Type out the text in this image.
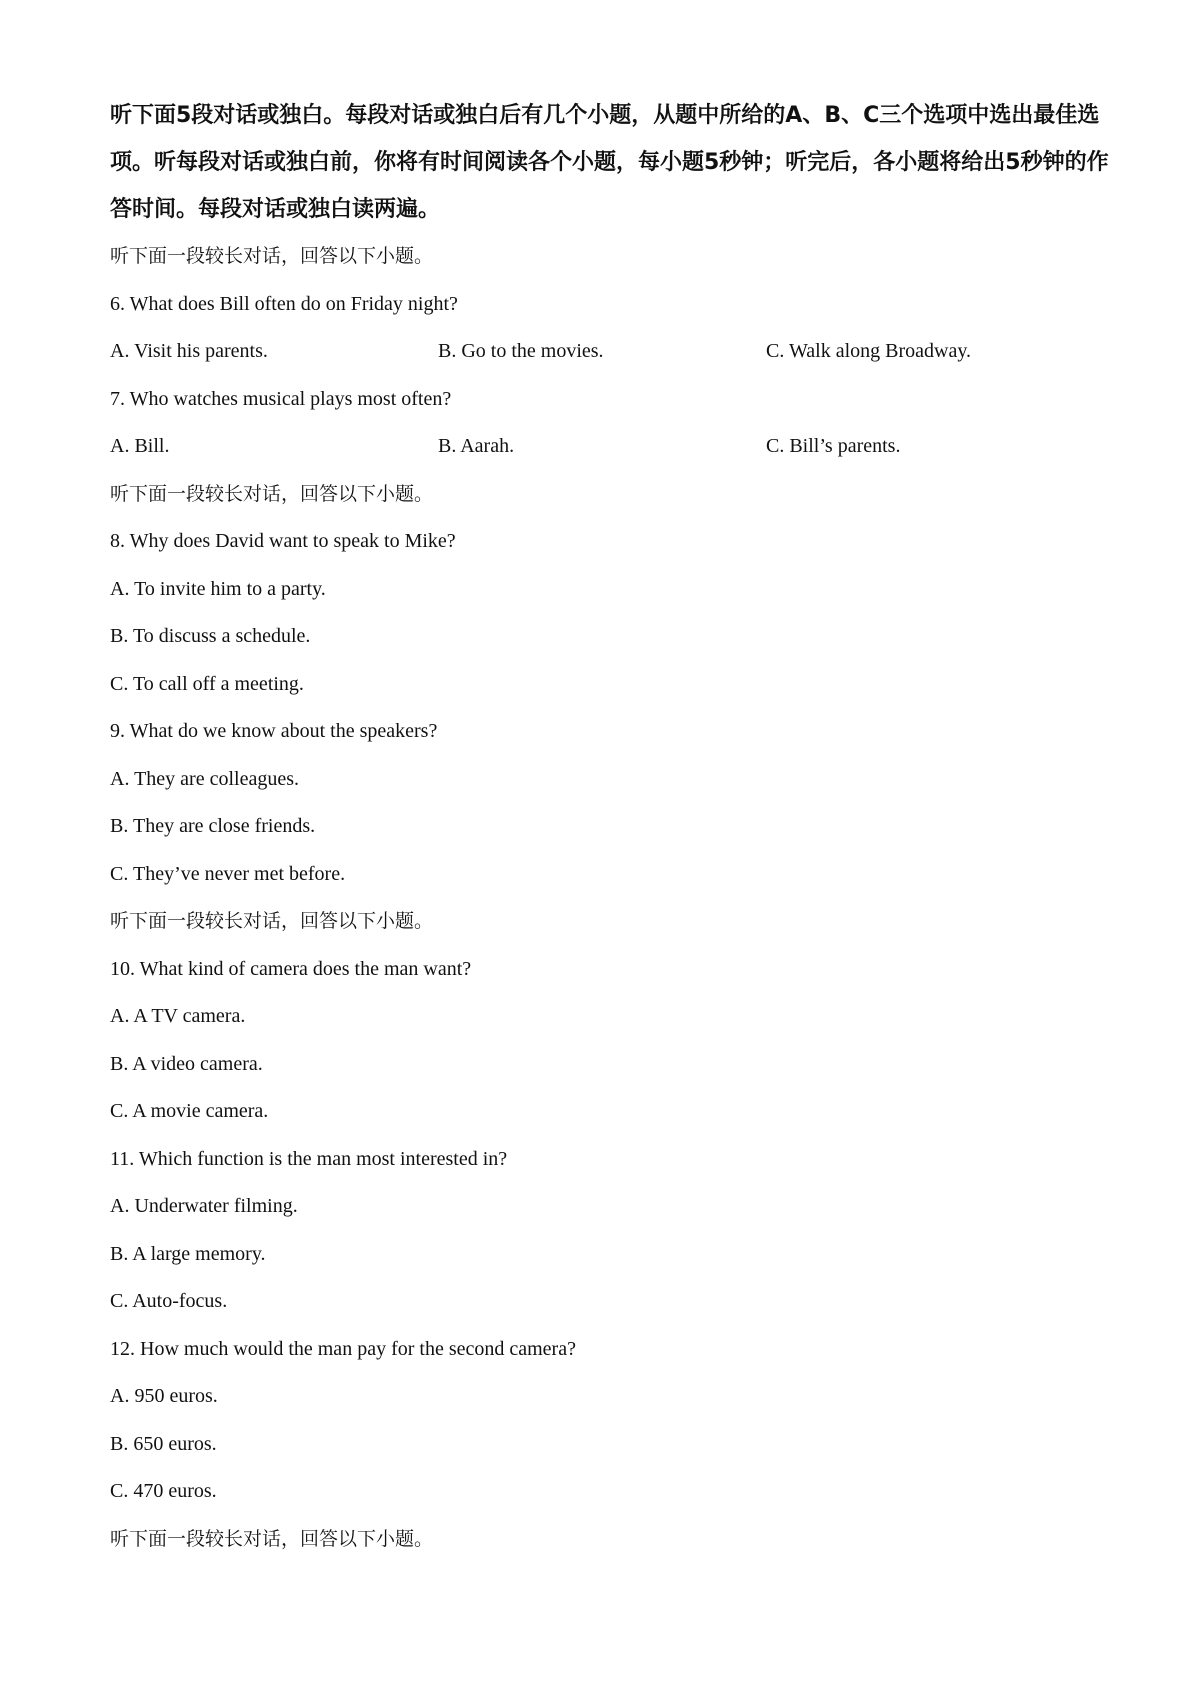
听下面5段对话或独白。每段对话或独白后有几个小题，从题中所给的A、B、C三个选项中选出最佳选项。听每段对话或独白前，你将有时间阅读各个小题，每小题5秒钟；听完后，各小题将给出5秒钟的作答时间。每段对话或独白读两遍。
听下面一段较长对话，回答以下小题。
6. What does Bill often do on Friday night?
A. Visit his parents.	B. Go to the movies.	C. Walk along Broadway.
7. Who watches musical plays most often?
A. Bill.	B. Aarah.	C. Bill’s parents.
听下面一段较长对话，回答以下小题。
8. Why does David want to speak to Mike?
A. To invite him to a party.
B. To discuss a schedule.
C. To call off a meeting.
9. What do we know about the speakers?
A. They are colleagues.
B. They are close friends.
C. They’ve never met before.
听下面一段较长对话，回答以下小题。
10. What kind of camera does the man want?
A. A TV camera.
B. A video camera.
C. A movie camera.
11. Which function is the man most interested in?
A. Underwater filming.
B. A large memory.
C. Auto-focus.
12. How much would the man pay for the second camera?
A. 950 euros.
B. 650 euros.
C. 470 euros.
听下面一段较长对话，回答以下小题。
